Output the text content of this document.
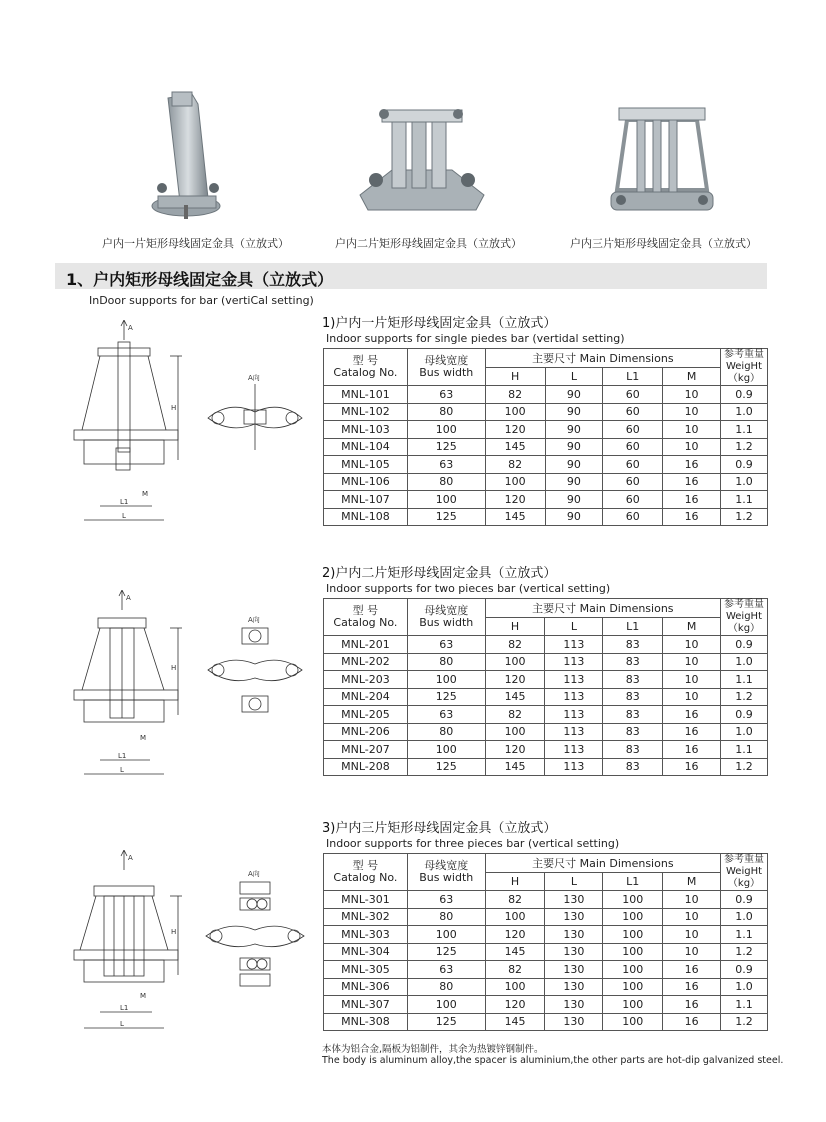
户内一片矩形母线固定金具（立放式）	户内二片矩形母线固定金具（立放式）	户内三片矩形母线固定金具（立放式）
1、户内矩形母线固定金具（立放式）
InDoor supports for bar (vertiCal setting)
A
H
M
L1
L
A向
A
H
M
L1
L
A向
A
H
M
L1
L
A向
1)户内一片矩形母线固定金具（立放式）
Indoor supports for single piedes bar (vertidal setting)
型 号
Catalog No.	母线宽度
Bus width	主要尺寸 Main Dimensions				参考重量
WeigHt
（kg）
		H	L	L1	M	
MNL-101	63	82	90	60	10	0.9
MNL-102	80	100	90	60	10	1.0
MNL-103	100	120	90	60	10	1.1
MNL-104	125	145	90	60	10	1.2
MNL-105	63	82	90	60	16	0.9
MNL-106	80	100	90	60	16	1.0
MNL-107	100	120	90	60	16	1.1
MNL-108	125	145	90	60	16	1.2
2)户内二片矩形母线固定金具（立放式）
Indoor supports for two pieces bar (vertical setting)
型 号
Catalog No.	母线宽度
Bus width	主要尺寸 Main Dimensions				参考重量
WeigHt
（kg）
		H	L	L1	M	
MNL-201	63	82	113	83	10	0.9
MNL-202	80	100	113	83	10	1.0
MNL-203	100	120	113	83	10	1.1
MNL-204	125	145	113	83	10	1.2
MNL-205	63	82	113	83	16	0.9
MNL-206	80	100	113	83	16	1.0
MNL-207	100	120	113	83	16	1.1
MNL-208	125	145	113	83	16	1.2
3)户内三片矩形母线固定金具（立放式）
Indoor supports for three pieces bar (vertical setting)
型 号
Catalog No.	母线宽度
Bus width	主要尺寸 Main Dimensions				参考重量
WeigHt
（kg）
		H	L	L1	M	
MNL-301	63	82	130	100	10	0.9
MNL-302	80	100	130	100	10	1.0
MNL-303	100	120	130	100	10	1.1
MNL-304	125	145	130	100	10	1.2
MNL-305	63	82	130	100	16	0.9
MNL-306	80	100	130	100	16	1.0
MNL-307	100	120	130	100	16	1.1
MNL-308	125	145	130	100	16	1.2
本体为铝合金,隔板为铝制件，其余为热镀锌钢制件。
The body is aluminum alloy,the spacer is aluminium,the other parts are hot-dip galvanized steel.
